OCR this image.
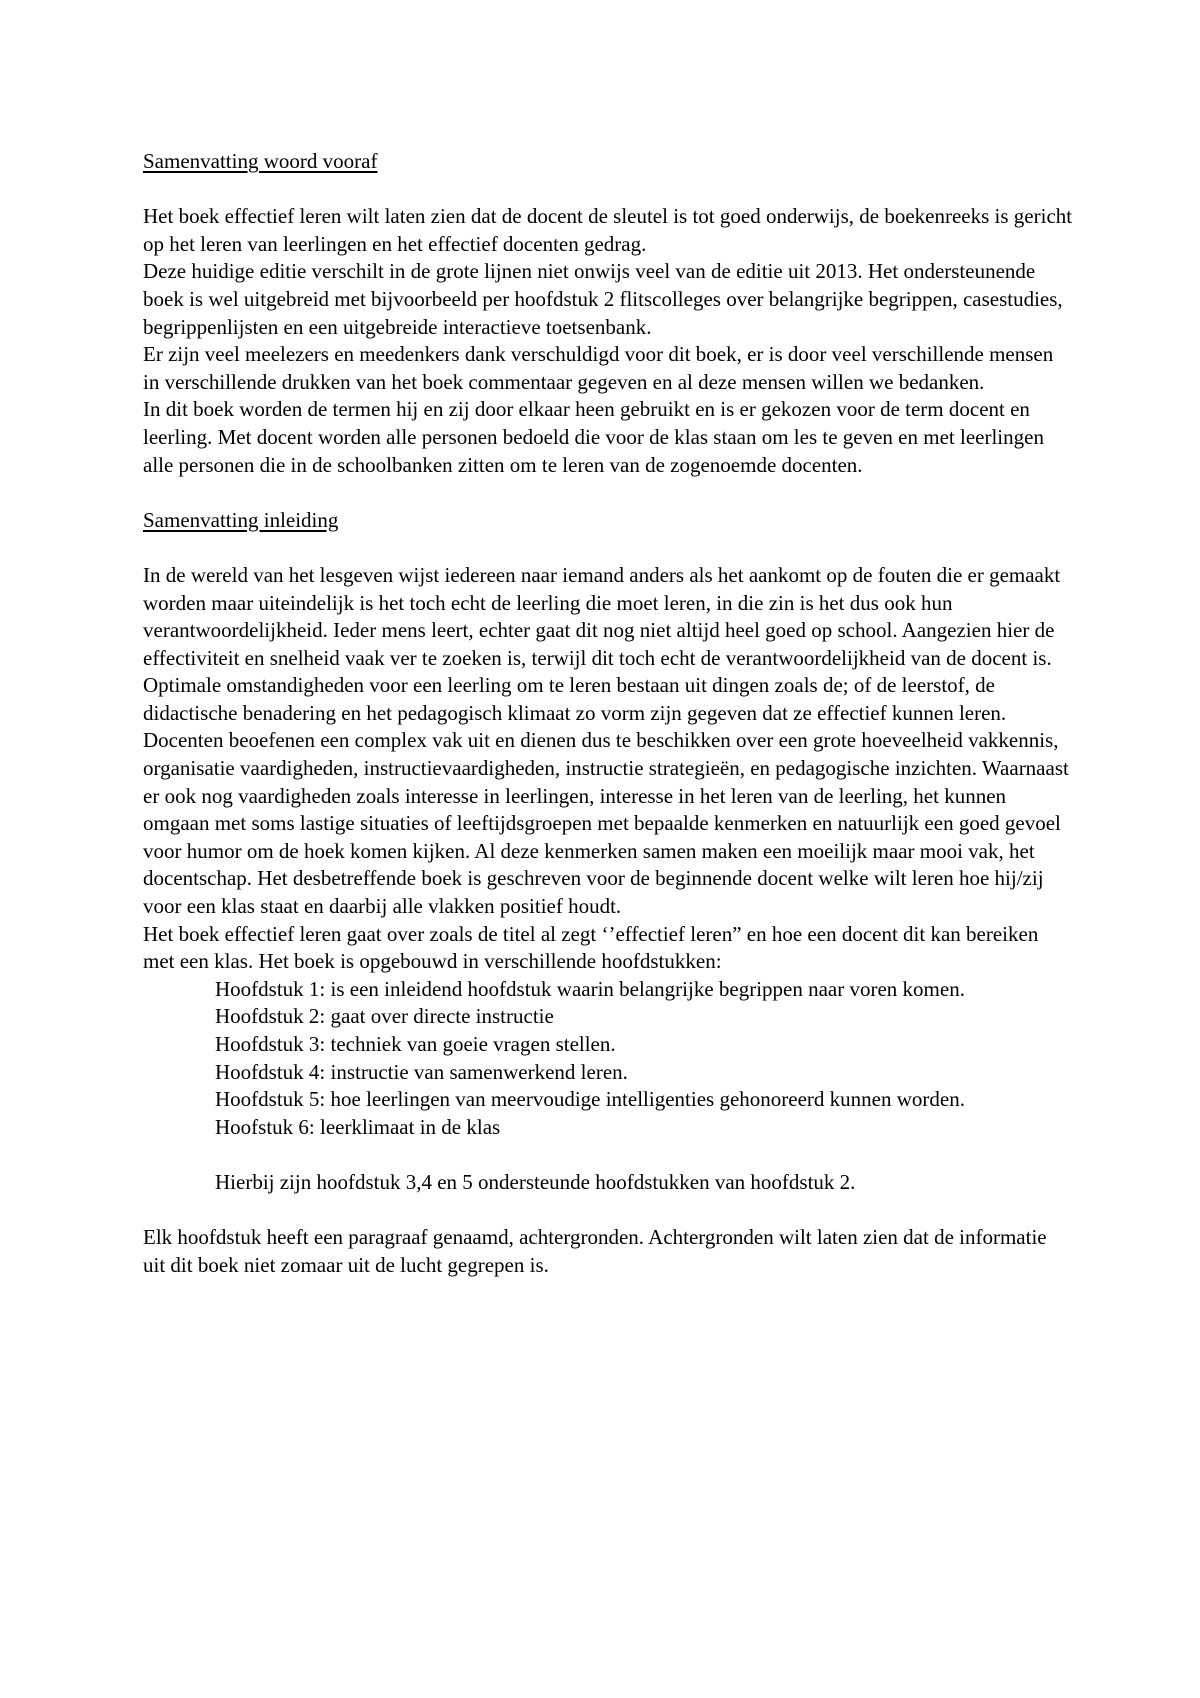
Samenvatting woord vooraf

Het boek effectief leren wilt laten zien dat de docent de sleutel is tot goed onderwijs, de boekenreeks is gericht op het leren van leerlingen en het effectief docenten gedrag.

Deze huidige editie verschilt in de grote lijnen niet onwijs veel van de editie uit 2013. Het ondersteunende boek is wel uitgebreid met bijvoorbeeld per hoofdstuk 2 flitscolleges over belangrijke begrippen, casestudies, begrippenlijsten en een uitgebreide interactieve toetsenbank.

Er zijn veel meelezers en meedenkers dank verschuldigd voor dit boek, er is door veel verschillende mensen in verschillende drukken van het boek commentaar gegeven en al deze mensen willen we bedanken.

In dit boek worden de termen hij en zij door elkaar heen gebruikt en is er gekozen voor de term docent en leerling. Met docent worden alle personen bedoeld die voor de klas staan om les te geven en met leerlingen alle personen die in de schoolbanken zitten om te leren van de zogenoemde docenten.

Samenvatting inleiding

In de wereld van het lesgeven wijst iedereen naar iemand anders als het aankomt op de fouten die er gemaakt worden maar uiteindelijk is het toch echt de leerling die moet leren, in die zin is het dus ook hun verantwoordelijkheid. Ieder mens leert, echter gaat dit nog niet altijd heel goed op school. Aangezien hier de effectiviteit en snelheid vaak ver te zoeken is, terwijl dit toch echt de verantwoordelijkheid van de docent is. Optimale omstandigheden voor een leerling om te leren bestaan uit dingen zoals de; of de leerstof, de didactische benadering en het pedagogisch klimaat zo vorm zijn gegeven dat ze effectief kunnen leren.

Docenten beoefenen een complex vak uit en dienen dus te beschikken over een grote hoeveelheid vakkennis, organisatie vaardigheden, instructievaardigheden, instructie strategieën, en pedagogische inzichten. Waarnaast er ook nog vaardigheden zoals interesse in leerlingen, interesse in het leren van de leerling, het kunnen omgaan met soms lastige situaties of leeftijdsgroepen met bepaalde kenmerken en natuurlijk een goed gevoel voor humor om de hoek komen kijken. Al deze kenmerken samen maken een moeilijk maar mooi vak, het docentschap. Het desbetreffende boek is geschreven voor de beginnende docent welke wilt leren hoe hij/zij voor een klas staat en daarbij alle vlakken positief houdt.

Het boek effectief leren gaat over zoals de titel al zegt ‘’effectief leren” en hoe een docent dit kan bereiken met een klas. Het boek is opgebouwd in verschillende hoofdstukken:

Hoofdstuk 1: is een inleidend hoofdstuk waarin belangrijke begrippen naar voren komen.
Hoofdstuk 2: gaat over directe instructie
Hoofdstuk 3: techniek van goeie vragen stellen.
Hoofdstuk 4: instructie van samenwerkend leren.
Hoofdstuk 5: hoe leerlingen van meervoudige intelligenties gehonoreerd kunnen worden.
Hoofstuk 6: leerklimaat in de klas

Hierbij zijn hoofdstuk 3,4 en 5 ondersteunde hoofdstukken van hoofdstuk 2.

Elk hoofdstuk heeft een paragraaf genaamd, achtergronden. Achtergronden wilt laten zien dat de informatie uit dit boek niet zomaar uit de lucht gegrepen is.
